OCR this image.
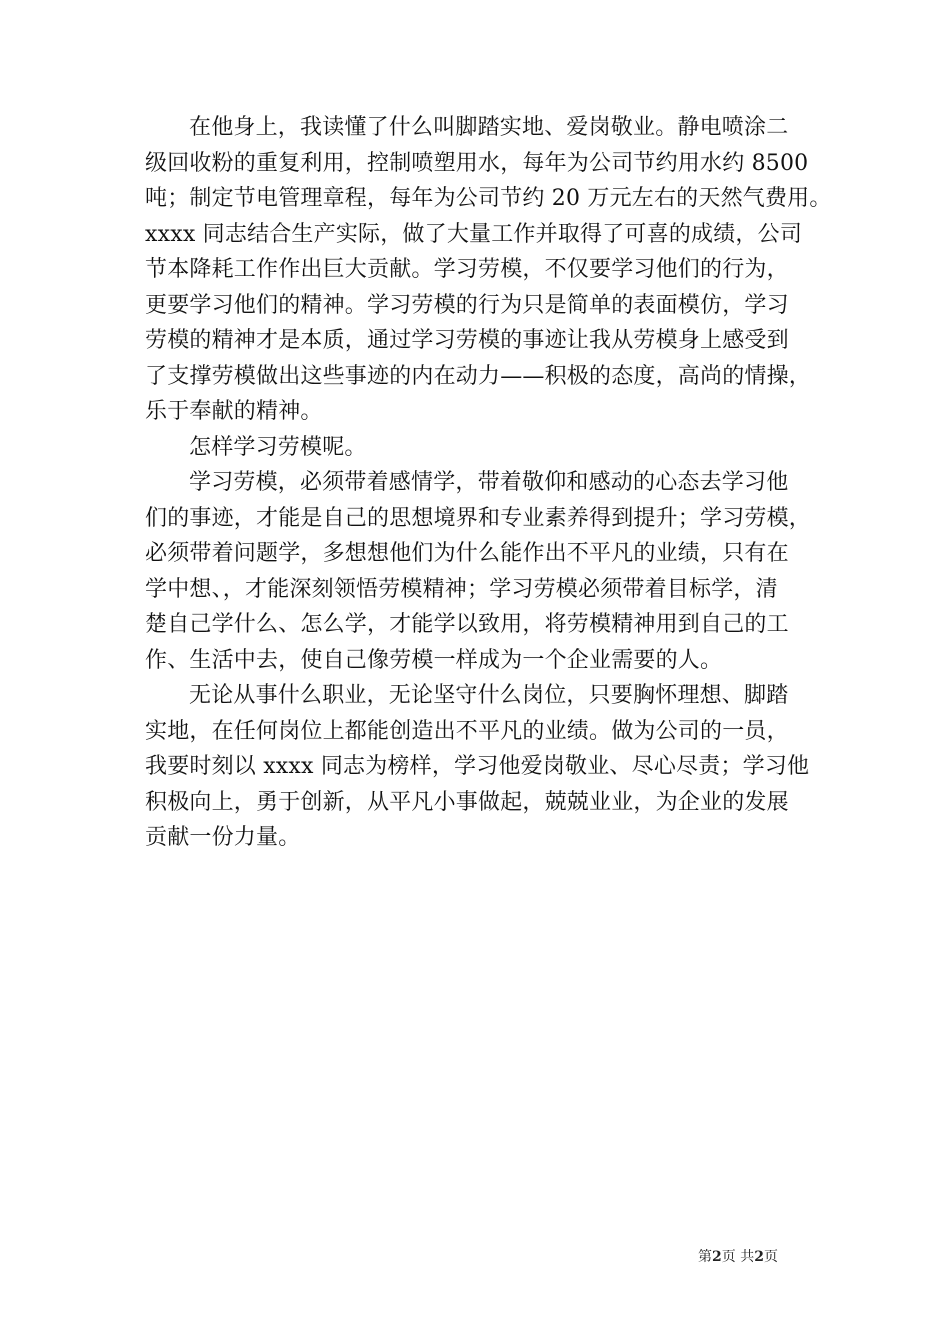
在他身上，我读懂了什么叫脚踏实地、爱岗敬业。静电喷涂二
级回收粉的重复利用，控制喷塑用水，每年为公司节约用水约 8500
吨；制定节电管理章程，每年为公司节约 20 万元左右的天然气费用。
xxxx 同志结合生产实际，做了大量工作并取得了可喜的成绩，公司
节本降耗工作作出巨大贡献。学习劳模，不仅要学习他们的行为，
更要学习他们的精神。学习劳模的行为只是简单的表面模仿，学习
劳模的精神才是本质，通过学习劳模的事迹让我从劳模身上感受到
了支撑劳模做出这些事迹的内在动力——积极的态度，高尚的情操，
乐于奉献的精神。
怎样学习劳模呢。
学习劳模，必须带着感情学，带着敬仰和感动的心态去学习他
们的事迹，才能是自己的思想境界和专业素养得到提升；学习劳模，
必须带着问题学，多想想他们为什么能作出不平凡的业绩，只有在
学中想、，才能深刻领悟劳模精神；学习劳模必须带着目标学，清
楚自己学什么、怎么学，才能学以致用，将劳模精神用到自己的工
作、生活中去，使自己像劳模一样成为一个企业需要的人。
无论从事什么职业，无论坚守什么岗位，只要胸怀理想、脚踏
实地，在任何岗位上都能创造出不平凡的业绩。做为公司的一员，
我要时刻以 xxxx 同志为榜样，学习他爱岗敬业、尽心尽责；学习他
积极向上，勇于创新，从平凡小事做起，兢兢业业，为企业的发展
贡献一份力量。
第2页 共2页
